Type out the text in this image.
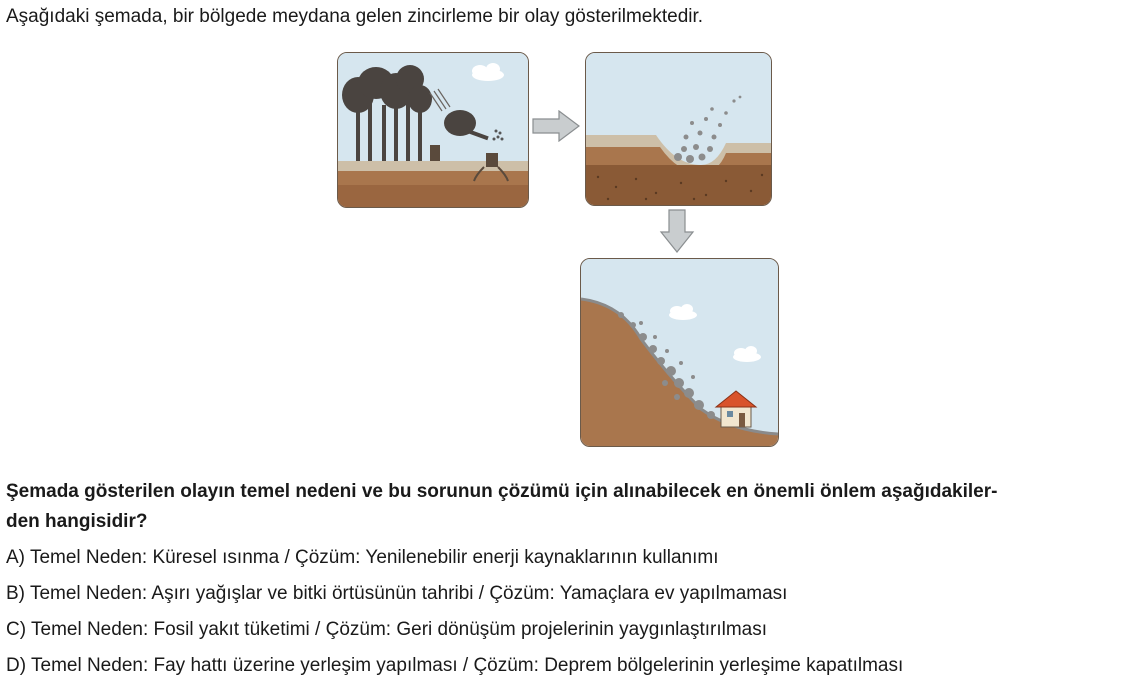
Aşağıdaki şemada, bir bölgede meydana gelen zincirleme bir olay gösterilmektedir.
Şemada gösterilen olayın temel nedeni ve bu sorunun çözümü için alınabilecek en önemli önlem aşağıdakiler-
den hangisidir?
A) Temel Neden: Küresel ısınma / Çözüm: Yenilenebilir enerji kaynaklarının kullanımı
B) Temel Neden: Aşırı yağışlar ve bitki örtüsünün tahribi / Çözüm: Yamaçlara ev yapılmaması
C) Temel Neden: Fosil yakıt tüketimi / Çözüm: Geri dönüşüm projelerinin yaygınlaştırılması
D) Temel Neden: Fay hattı üzerine yerleşim yapılması / Çözüm: Deprem bölgelerinin yerleşime kapatılması
